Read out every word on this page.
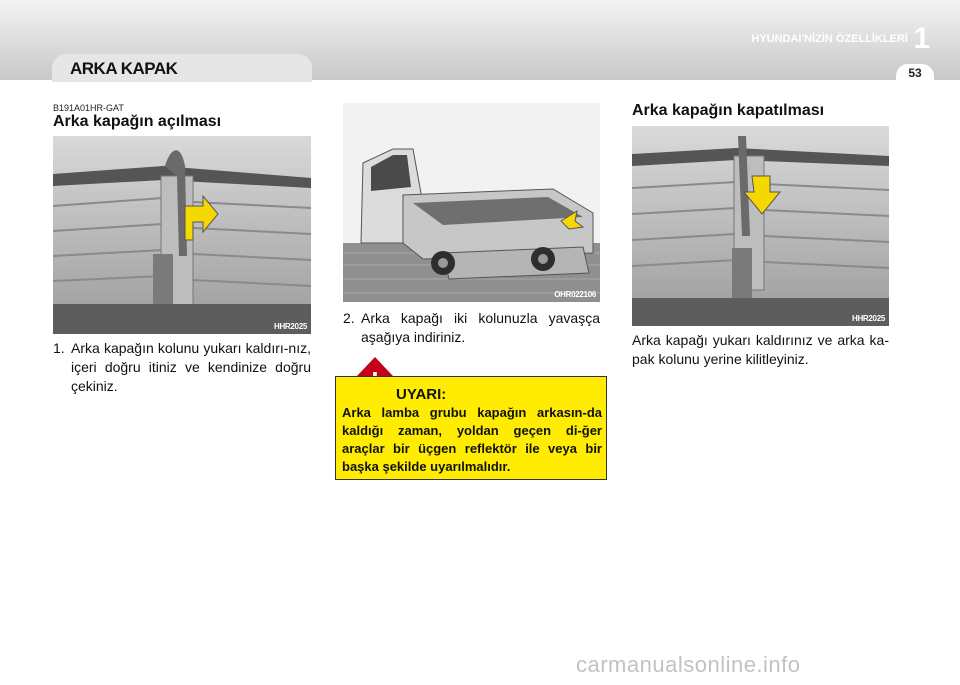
ARKA KAPAK
HYUNDAI'NİZİN ÖZELLİKLERİ 1
53
B191A01HR-GAT
Arka kapağın açılması
HHR2025
1. Arka kapağın kolunu yukarı kaldırı-nız, içeri doğru itiniz ve kendinize doğru çekiniz.
OHR022106
2. Arka kapağı iki kolunuzla yavaşça aşağıya indiriniz.
UYARI:
Arka lamba grubu kapağın arkasın-da kaldığı zaman, yoldan geçen di-ğer araçlar bir üçgen reflektör ile veya bir başka şekilde uyarılmalıdır.
Arka kapağın kapatılması
HHR2025
Arka kapağı yukarı kaldırınız ve arka ka-pak kolunu yerine kilitleyiniz.
carmanualsonline.info
